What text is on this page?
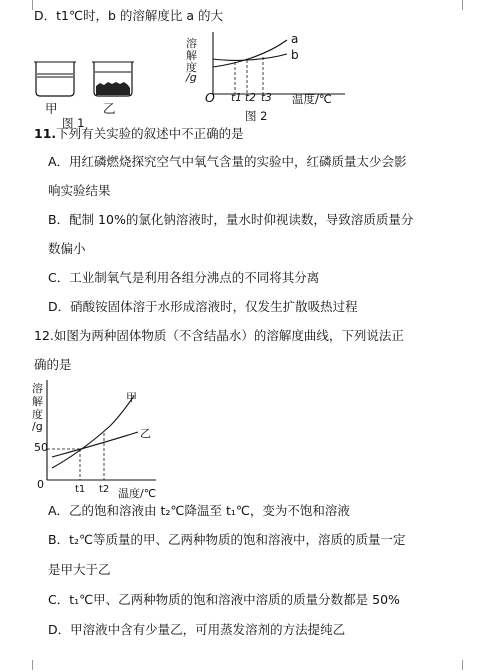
D．t1℃时，b 的溶解度比 a 的大
甲	乙
图 1
溶
解
度
/g
a
b
O t1 t2 t3 温度/℃
图 2
11.下列有关实验的叙述中不正确的是
A．用红磷燃烧探究空气中氧气含量的实验中，红磷质量太少会影
响实验结果
B．配制 10%的氯化钠溶液时，量水时仰视读数，导致溶质质量分
数偏小
C．工业制氧气是利用各组分沸点的不同将其分离
D．硝酸铵固体溶于水形成溶液时，仅发生扩散吸热过程
12.如图为两种固体物质（不含结晶水）的溶解度曲线，下列说法正
确的是
溶
解
度
/g
甲
乙
50
0	t1 t2 温度/℃
A．乙的饱和溶液由 t₂℃降温至 t₁℃，变为不饱和溶液
B．t₂℃等质量的甲、乙两种物质的饱和溶液中，溶质的质量一定
是甲大于乙
C．t₁℃甲、乙两种物质的饱和溶液中溶质的质量分数都是 50%
D．甲溶液中含有少量乙，可用蒸发溶剂的方法提纯乙
